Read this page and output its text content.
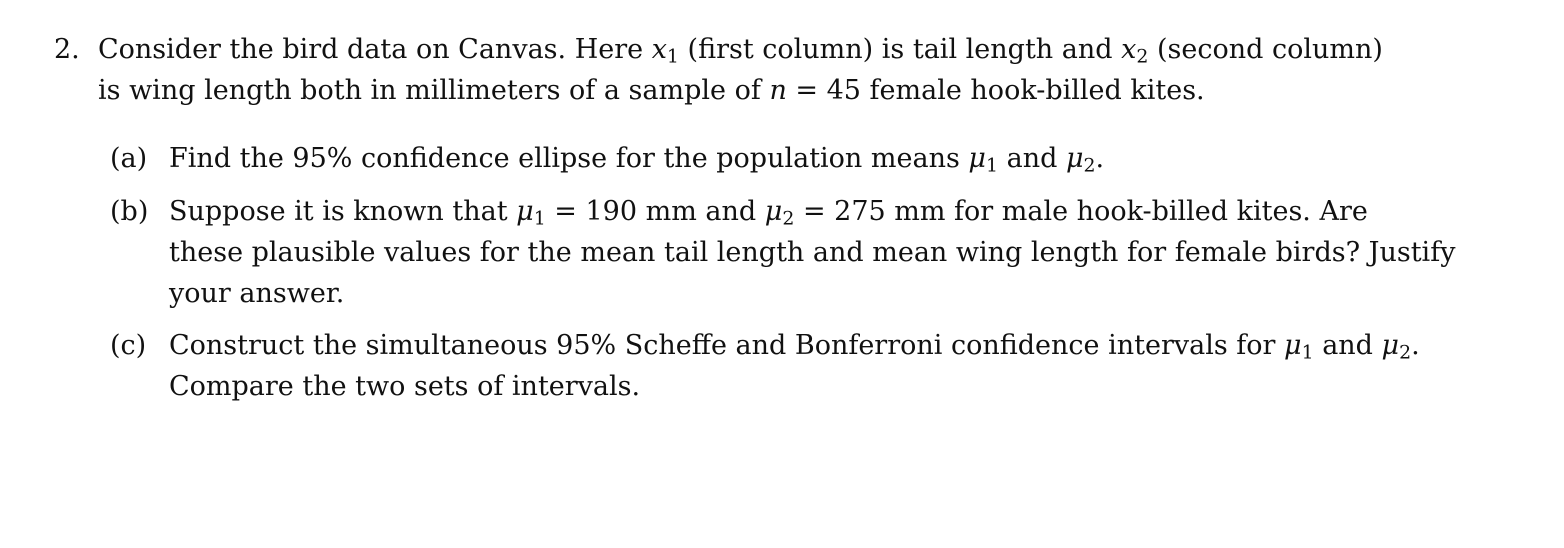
2. Consider the bird data on Canvas. Here $x_1$ (first column) is tail length and $x_2$ (second column)
is wing length both in millimeters of a sample of n = 45 female hook-billed kites.
(a) Find the 95% confidence ellipse for the population means $\mu_1$ and $\mu_2$.
(b) Suppose it is known that $\mu_1 = 190$ mm and $\mu_2 = 275$ mm for male hook-billed kites. Are
these plausible values for the mean tail length and mean wing length for female birds? Justify
your answer.
(c) Construct the simultaneous 95% Scheffe and Bonferroni confidence intervals for $\mu_1$ and $\mu_2$.
Compare the two sets of intervals.
